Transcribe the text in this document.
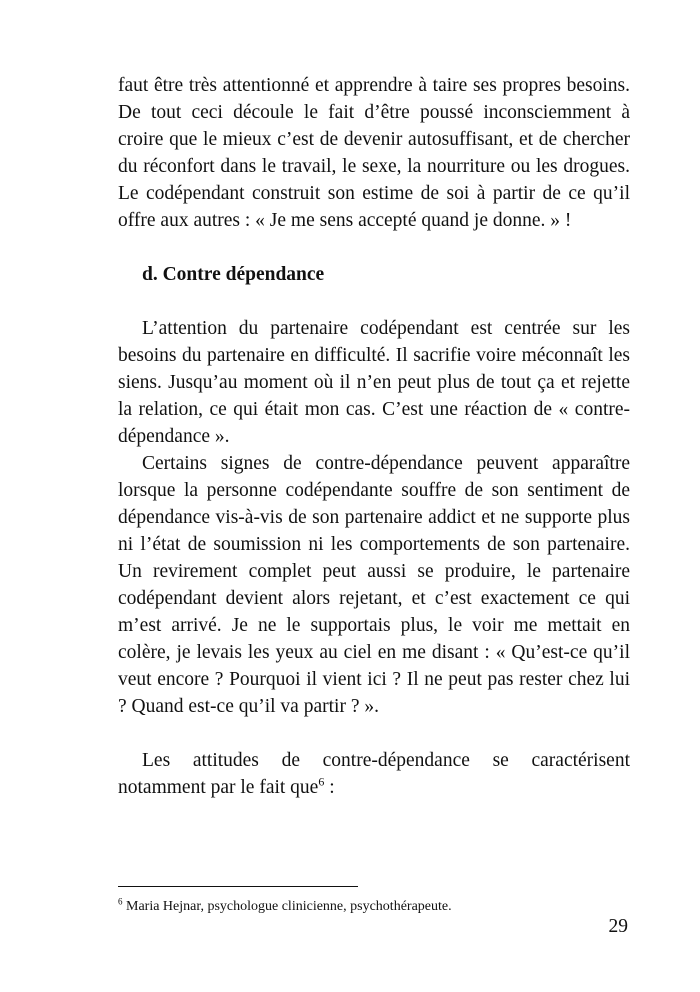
faut être très attentionné et apprendre à taire ses propres besoins. De tout ceci découle le fait d’être poussé inconsciemment à croire que le mieux c’est de devenir autosuffisant, et de chercher du réconfort dans le travail, le sexe, la nourriture ou les drogues. Le codépendant construit son estime de soi à partir de ce qu’il offre aux autres : « Je me sens accepté quand je donne. » !

d. Contre dépendance

L’attention du partenaire codépendant est centrée sur les besoins du partenaire en difficulté. Il sacrifie voire méconnaît les siens. Jusqu’au moment où il n’en peut plus de tout ça et rejette la relation, ce qui était mon cas. C’est une réaction de « contre-dépendance ».

Certains signes de contre-dépendance peuvent apparaître lorsque la personne codépendante souffre de son sentiment de dépendance vis-à-vis de son partenaire addict et ne supporte plus ni l’état de soumission ni les comportements de son partenaire. Un revirement complet peut aussi se produire, le partenaire codépendant devient alors rejetant, et c’est exactement ce qui m’est arrivé. Je ne le supportais plus, le voir me mettait en colère, je levais les yeux au ciel en me disant : « Qu’est-ce qu’il veut encore ? Pourquoi il vient ici ? Il ne peut pas rester chez lui ? Quand est-ce qu’il va partir ? ».

Les attitudes de contre-dépendance se caractérisent notamment par le fait que$^6$ :

$^6$ Maria Hejnar, psychologue clinicienne, psychothérapeute.
29
